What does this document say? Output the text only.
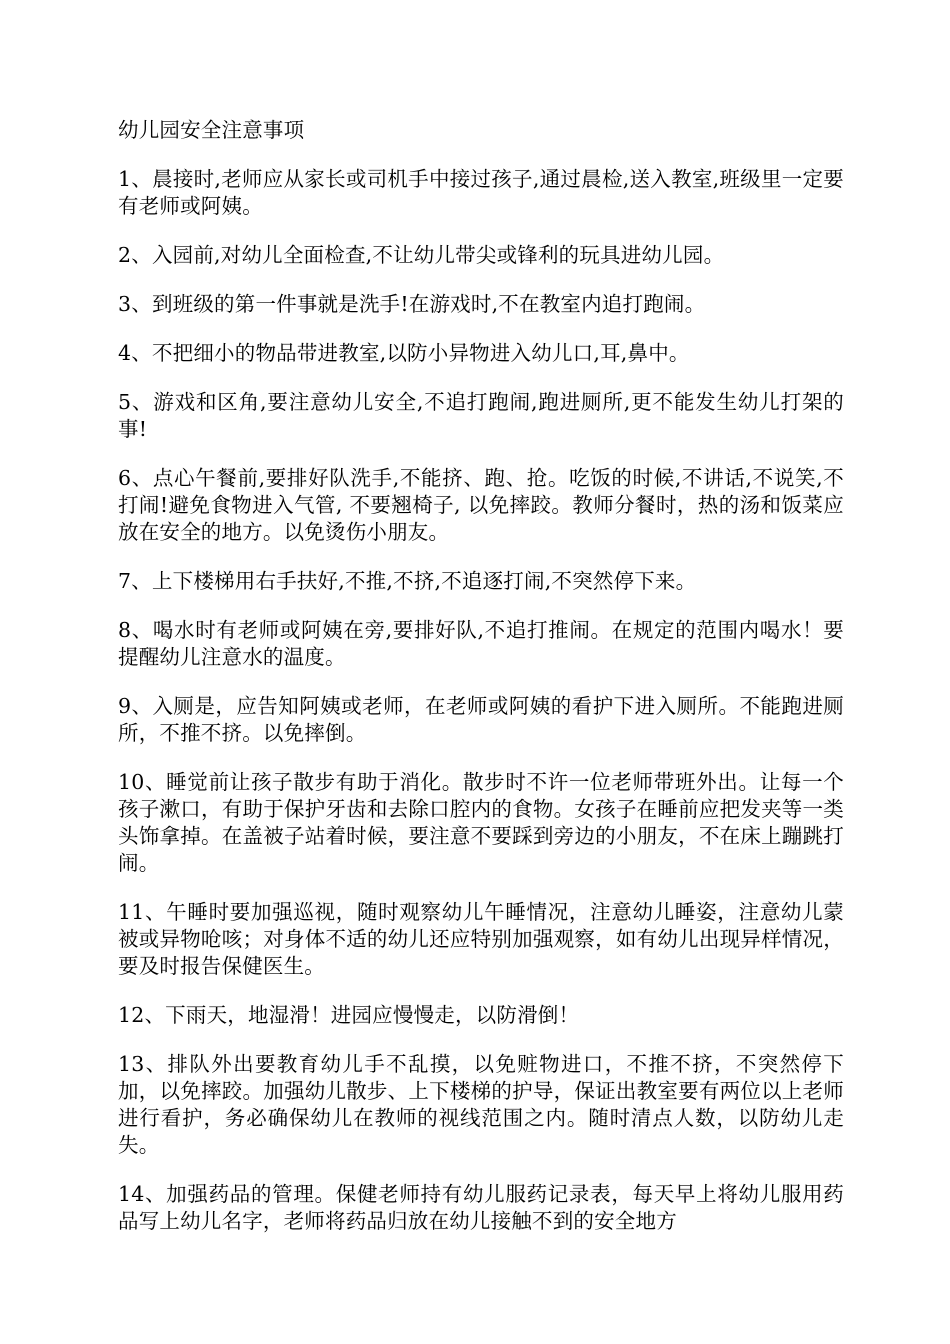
幼儿园安全注意事项

1、晨接时,老师应从家长或司机手中接过孩子,通过晨检,送入教室,班级里一定要有老师或阿姨。

2、入园前,对幼儿全面检查,不让幼儿带尖或锋利的玩具进幼儿园。

3、到班级的第一件事就是洗手!在游戏时,不在教室内追打跑闹。

4、不把细小的物品带进教室,以防小异物进入幼儿口,耳,鼻中。

5、游戏和区角,要注意幼儿安全,不追打跑闹,跑进厕所,更不能发生幼儿打架的事!

6、点心午餐前,要排好队洗手,不能挤、跑、抢。吃饭的时候,不讲话,不说笑,不打闹!避免食物进入气管, 不要翘椅子, 以免摔跤。教师分餐时，热的汤和饭菜应放在安全的地方。以免烫伤小朋友。

7、上下楼梯用右手扶好,不推,不挤,不追逐打闹,不突然停下来。

8、喝水时有老师或阿姨在旁,要排好队,不追打推闹。在规定的范围内喝水！要提醒幼儿注意水的温度。

9、入厕是，应告知阿姨或老师，在老师或阿姨的看护下进入厕所。不能跑进厕所，不推不挤。以免摔倒。

10、睡觉前让孩子散步有助于消化。散步时不许一位老师带班外出。让每一个孩子漱口，有助于保护牙齿和去除口腔内的食物。女孩子在睡前应把发夹等一类头饰拿掉。在盖被子站着时候，要注意不要踩到旁边的小朋友，不在床上蹦跳打闹。

11、午睡时要加强巡视，随时观察幼儿午睡情况，注意幼儿睡姿，注意幼儿蒙被或异物呛咳；对身体不适的幼儿还应特别加强观察，如有幼儿出现异样情况，要及时报告保健医生。

12、下雨天，地湿滑！进园应慢慢走，以防滑倒！

13、排队外出要教育幼儿手不乱摸，以免赃物进口，不推不挤，不突然停下加，以免摔跤。加强幼儿散步、上下楼梯的护导，保证出教室要有两位以上老师进行看护，务必确保幼儿在教师的视线范围之内。随时清点人数，以防幼儿走失。

14、加强药品的管理。保健老师持有幼儿服药记录表，每天早上将幼儿服用药品写上幼儿名字，老师将药品归放在幼儿接触不到的安全地方
